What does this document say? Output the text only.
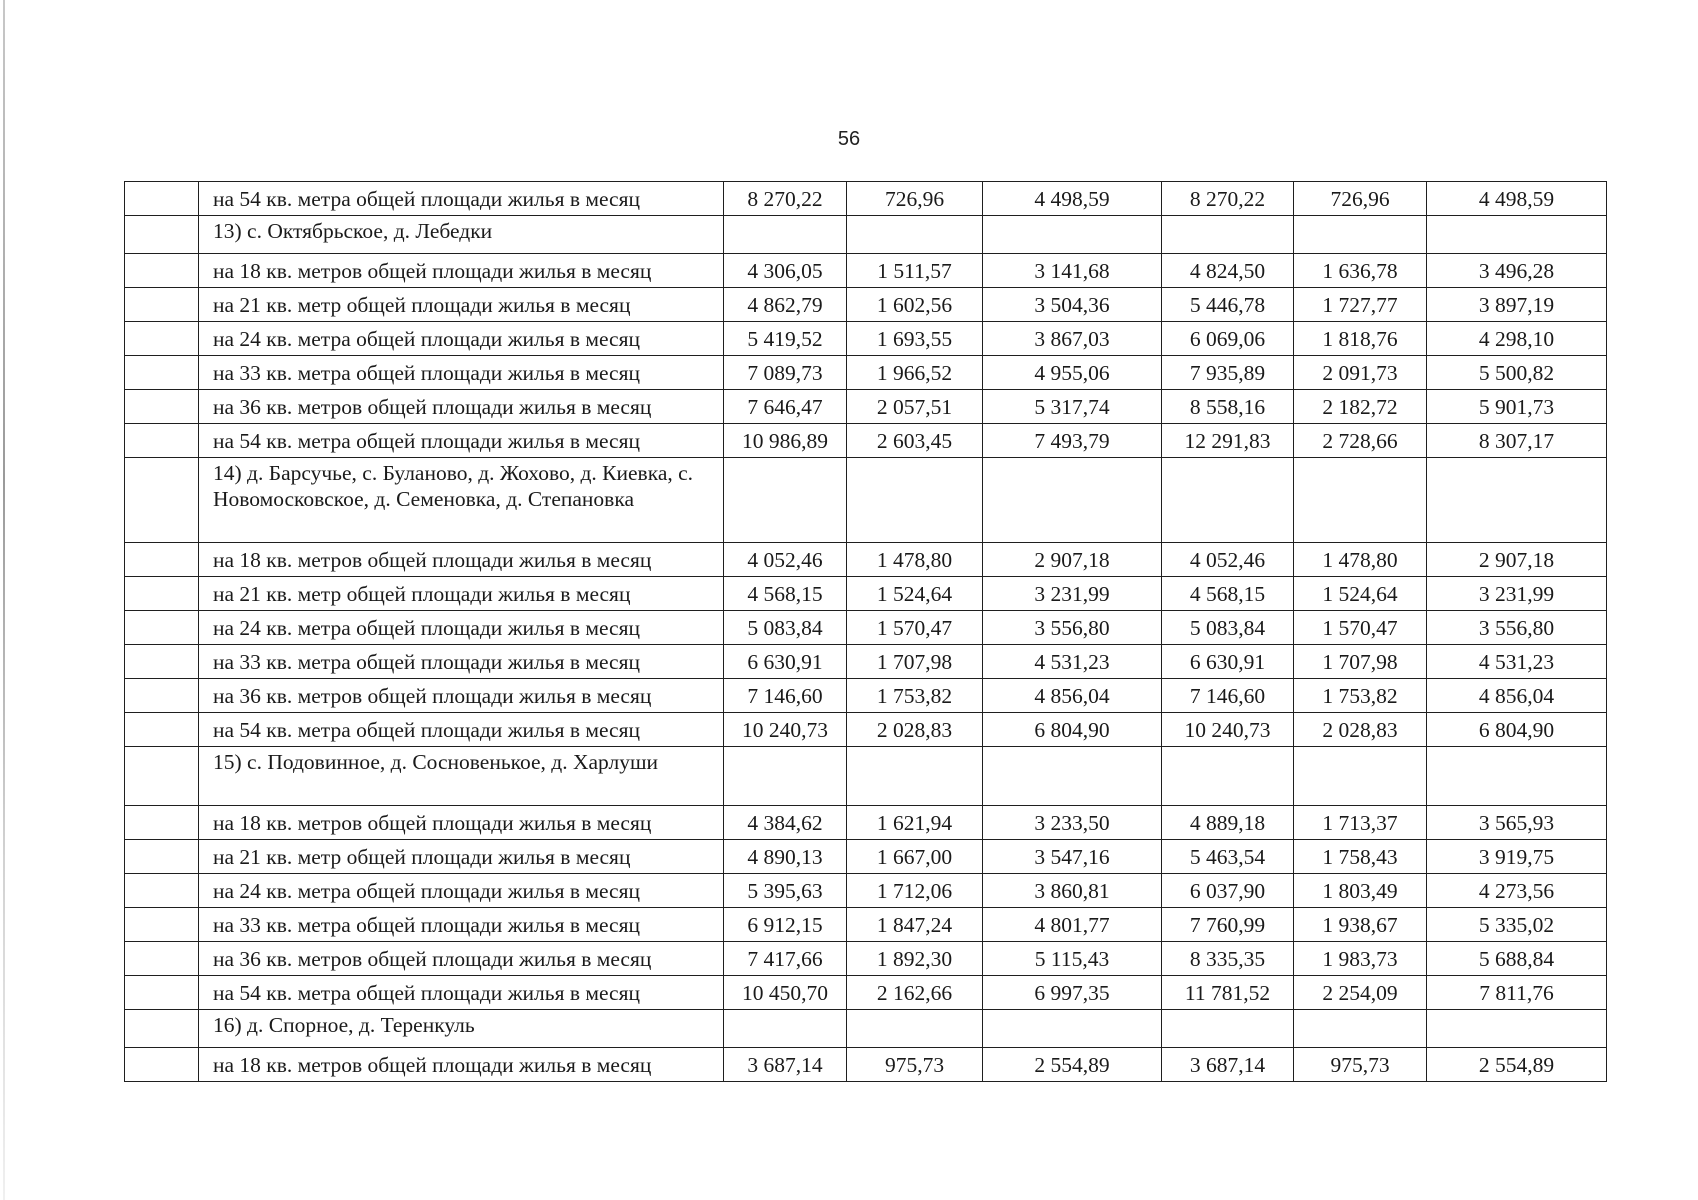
56
	на 54 кв. метра общей площади жилья в месяц	8 270,22	726,96	4 498,59	8 270,22	726,96	4 498,59
	13) с. Октябрьское, д. Лебедки						
	на 18 кв. метров общей площади жилья в месяц	4 306,05	1 511,57	3 141,68	4 824,50	1 636,78	3 496,28
	на 21 кв. метр общей площади жилья в месяц	4 862,79	1 602,56	3 504,36	5 446,78	1 727,77	3 897,19
	на 24 кв. метра общей площади жилья в месяц	5 419,52	1 693,55	3 867,03	6 069,06	1 818,76	4 298,10
	на 33 кв. метра общей площади жилья в месяц	7 089,73	1 966,52	4 955,06	7 935,89	2 091,73	5 500,82
	на 36 кв. метров общей площади жилья в месяц	7 646,47	2 057,51	5 317,74	8 558,16	2 182,72	5 901,73
	на 54 кв. метра общей площади жилья в месяц	10 986,89	2 603,45	7 493,79	12 291,83	2 728,66	8 307,17
	14) д. Барсучье, с. Буланово, д. Жохово, д. Киевка, с. Новомосковское, д. Семеновка, д. Степановка						
	на 18 кв. метров общей площади жилья в месяц	4 052,46	1 478,80	2 907,18	4 052,46	1 478,80	2 907,18
	на 21 кв. метр общей площади жилья в месяц	4 568,15	1 524,64	3 231,99	4 568,15	1 524,64	3 231,99
	на 24 кв. метра общей площади жилья в месяц	5 083,84	1 570,47	3 556,80	5 083,84	1 570,47	3 556,80
	на 33 кв. метра общей площади жилья в месяц	6 630,91	1 707,98	4 531,23	6 630,91	1 707,98	4 531,23
	на 36 кв. метров общей площади жилья в месяц	7 146,60	1 753,82	4 856,04	7 146,60	1 753,82	4 856,04
	на 54 кв. метра общей площади жилья в месяц	10 240,73	2 028,83	6 804,90	10 240,73	2 028,83	6 804,90
	15) с. Подовинное, д. Сосновенькое, д. Харлуши						
	на 18 кв. метров общей площади жилья в месяц	4 384,62	1 621,94	3 233,50	4 889,18	1 713,37	3 565,93
	на 21 кв. метр общей площади жилья в месяц	4 890,13	1 667,00	3 547,16	5 463,54	1 758,43	3 919,75
	на 24 кв. метра общей площади жилья в месяц	5 395,63	1 712,06	3 860,81	6 037,90	1 803,49	4 273,56
	на 33 кв. метра общей площади жилья в месяц	6 912,15	1 847,24	4 801,77	7 760,99	1 938,67	5 335,02
	на 36 кв. метров общей площади жилья в месяц	7 417,66	1 892,30	5 115,43	8 335,35	1 983,73	5 688,84
	на 54 кв. метра общей площади жилья в месяц	10 450,70	2 162,66	6 997,35	11 781,52	2 254,09	7 811,76
	16) д. Спорное, д. Теренкуль						
	на 18 кв. метров общей площади жилья в месяц	3 687,14	975,73	2 554,89	3 687,14	975,73	2 554,89
